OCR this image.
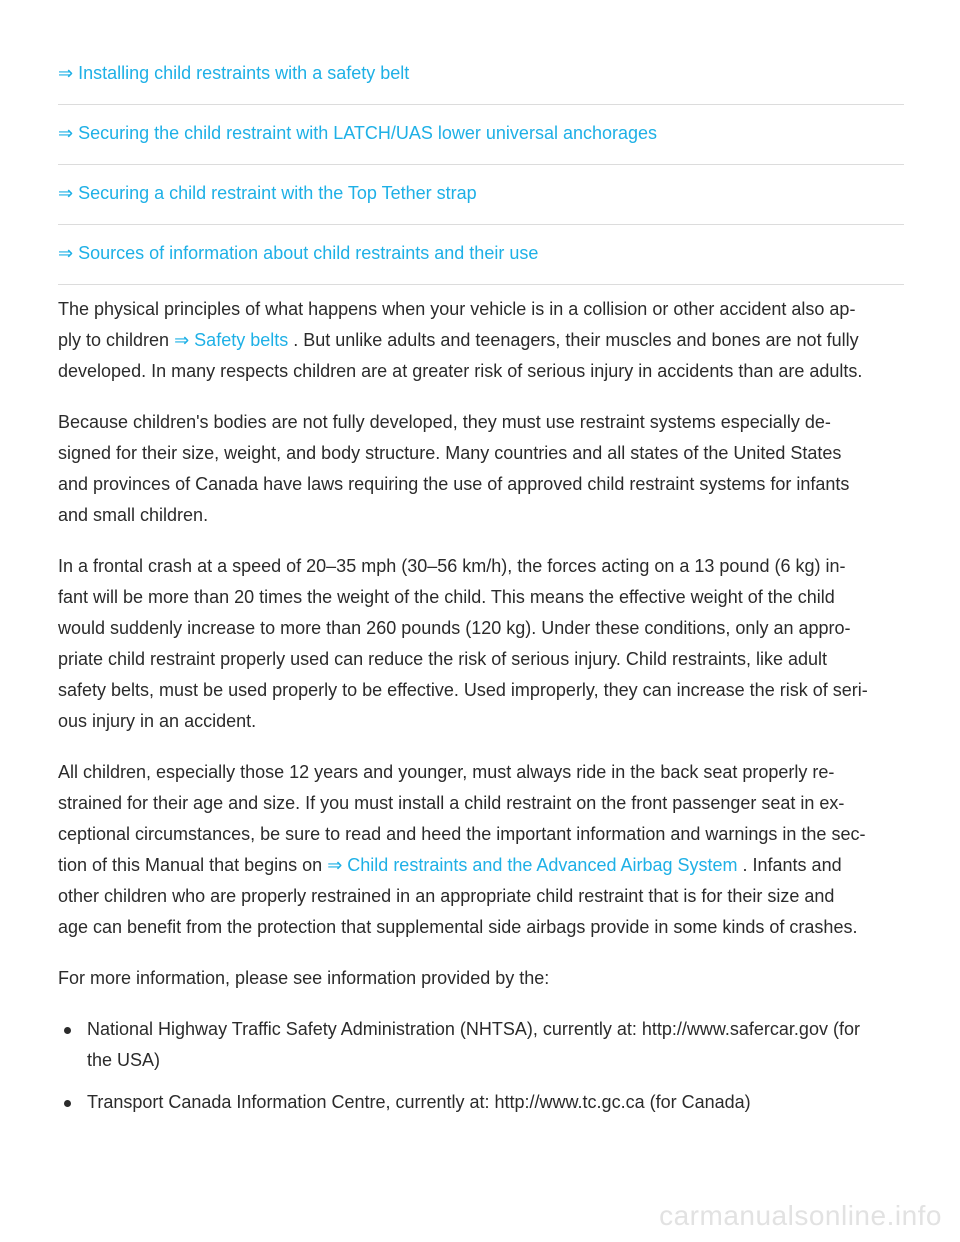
⇒ Installing child restraints with a safety belt
⇒ Securing the child restraint with LATCH/UAS lower universal anchorages
⇒ Securing a child restraint with the Top Tether strap
⇒ Sources of information about child restraints and their use

The physical principles of what happens when your vehicle is in a collision or other accident also ap-
ply to children ⇒ Safety belts . But unlike adults and teenagers, their muscles and bones are not fully
developed. In many respects children are at greater risk of serious injury in accidents than are adults.

Because children's bodies are not fully developed, they must use restraint systems especially de-
signed for their size, weight, and body structure. Many countries and all states of the United States
and provinces of Canada have laws requiring the use of approved child restraint systems for infants
and small children.

In a frontal crash at a speed of 20–35 mph (30–56 km/h), the forces acting on a 13 pound (6 kg) in-
fant will be more than 20 times the weight of the child. This means the effective weight of the child
would suddenly increase to more than 260 pounds (120 kg). Under these conditions, only an appro-
priate child restraint properly used can reduce the risk of serious injury. Child restraints, like adult
safety belts, must be used properly to be effective. Used improperly, they can increase the risk of seri-
ous injury in an accident.

All children, especially those 12 years and younger, must always ride in the back seat properly re-
strained for their age and size. If you must install a child restraint on the front passenger seat in ex-
ceptional circumstances, be sure to read and heed the important information and warnings in the sec-
tion of this Manual that begins on ⇒ Child restraints and the Advanced Airbag System . Infants and
other children who are properly restrained in an appropriate child restraint that is for their size and
age can benefit from the protection that supplemental side airbags provide in some kinds of crashes.

For more information, please see information provided by the:

National Highway Traffic Safety Administration (NHTSA), currently at: http://www.safercar.gov (for
the USA)
Transport Canada Information Centre, currently at: http://www.tc.gc.ca (for Canada)
carmanualsonline.info
